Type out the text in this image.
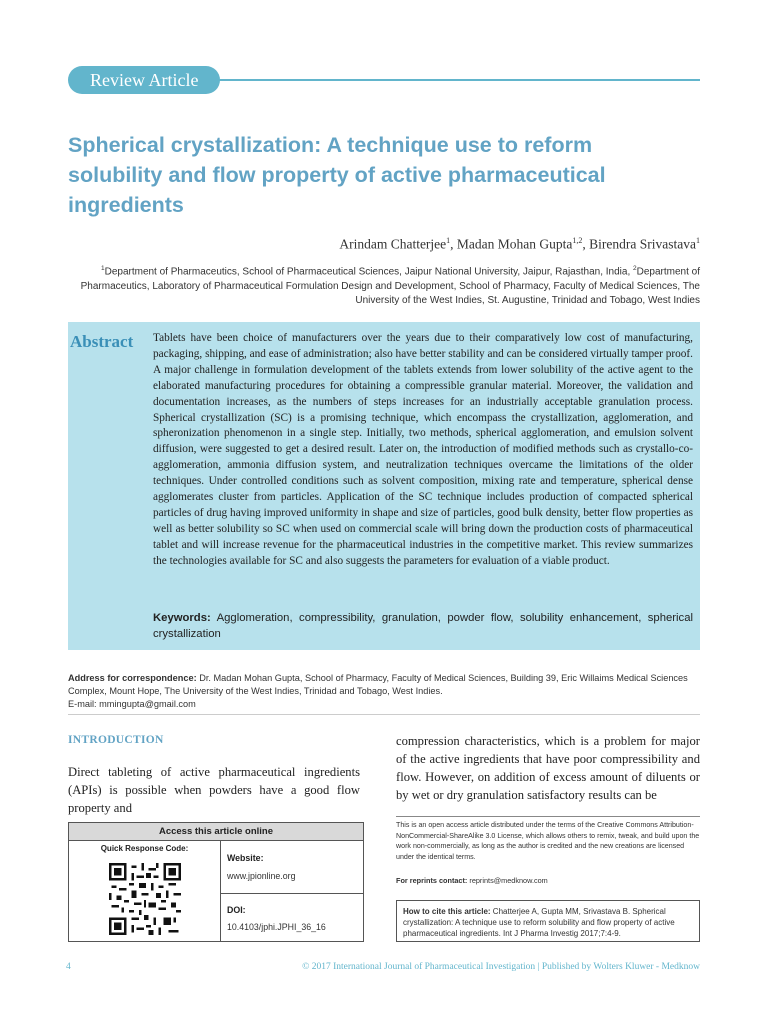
Review Article
Spherical crystallization: A technique use to reform solubility and flow property of active pharmaceutical ingredients
Arindam Chatterjee$^1$, Madan Mohan Gupta$^{1,2}$, Birendra Srivastava$^1$
$^1$Department of Pharmaceutics, School of Pharmaceutical Sciences, Jaipur National University, Jaipur, Rajasthan, India, $^2$Department of Pharmaceutics, Laboratory of Pharmaceutical Formulation Design and Development, School of Pharmacy, Faculty of Medical Sciences, The University of the West Indies, St. Augustine, Trinidad and Tobago, West Indies
Abstract Tablets have been choice of manufacturers over the years due to their comparatively low cost of manufacturing, packaging, shipping, and ease of administration; also have better stability and can be considered virtually tamper proof. A major challenge in formulation development of the tablets extends from lower solubility of the active agent to the elaborated manufacturing procedures for obtaining a compressible granular material. Moreover, the validation and documentation increases, as the numbers of steps increases for an industrially acceptable granulation process. Spherical crystallization (SC) is a promising technique, which encompass the crystallization, agglomeration, and spheronization phenomenon in a single step. Initially, two methods, spherical agglomeration, and emulsion solvent diffusion, were suggested to get a desired result. Later on, the introduction of modified methods such as crystallo-co-agglomeration, ammonia diffusion system, and neutralization techniques overcame the limitations of the older techniques. Under controlled conditions such as solvent composition, mixing rate and temperature, spherical dense agglomerates cluster from particles. Application of the SC technique includes production of compacted spherical particles of drug having improved uniformity in shape and size of particles, good bulk density, better flow properties as well as better solubility so SC when used on commercial scale will bring down the production costs of pharmaceutical tablet and will increase revenue for the pharmaceutical industries in the competitive market. This review summarizes the technologies available for SC and also suggests the parameters for evaluation of a viable product.

Keywords: Agglomeration, compressibility, granulation, powder flow, solubility enhancement, spherical crystallization

Address for correspondence: Dr. Madan Mohan Gupta, School of Pharmacy, Faculty of Medical Sciences, Building 39, Eric Willaims Medical Sciences Complex, Mount Hope, The University of the West Indies, Trinidad and Tobago, West Indies.
E-mail: mmingupta@gmail.com
INTRODUCTION

Direct tableting of active pharmaceutical ingredients (APIs) is possible when powders have a good flow property and

compression characteristics, which is a problem for major of the active ingredients that have poor compressibility and flow. However, on addition of excess amount of diluents or by wet or dry granulation satisfactory results can be

Access this article online
Quick Response Code:
Website:
www.jpionline.org
DOI:
10.4103/jphi.JPHI_36_16

This is an open access article distributed under the terms of the Creative Commons Attribution-NonCommercial-ShareAlike 3.0 License, which allows others to remix, tweak, and build upon the work non-commercially, as long as the author is credited and the new creations are licensed under the identical terms.

For reprints contact: reprints@medknow.com

How to cite this article: Chatterjee A, Gupta MM, Srivastava B. Spherical crystallization: A technique use to reform solubility and flow property of active pharmaceutical ingredients. Int J Pharma Investig 2017;7:4-9.
4	© 2017 International Journal of Pharmaceutical Investigation | Published by Wolters Kluwer - Medknow
